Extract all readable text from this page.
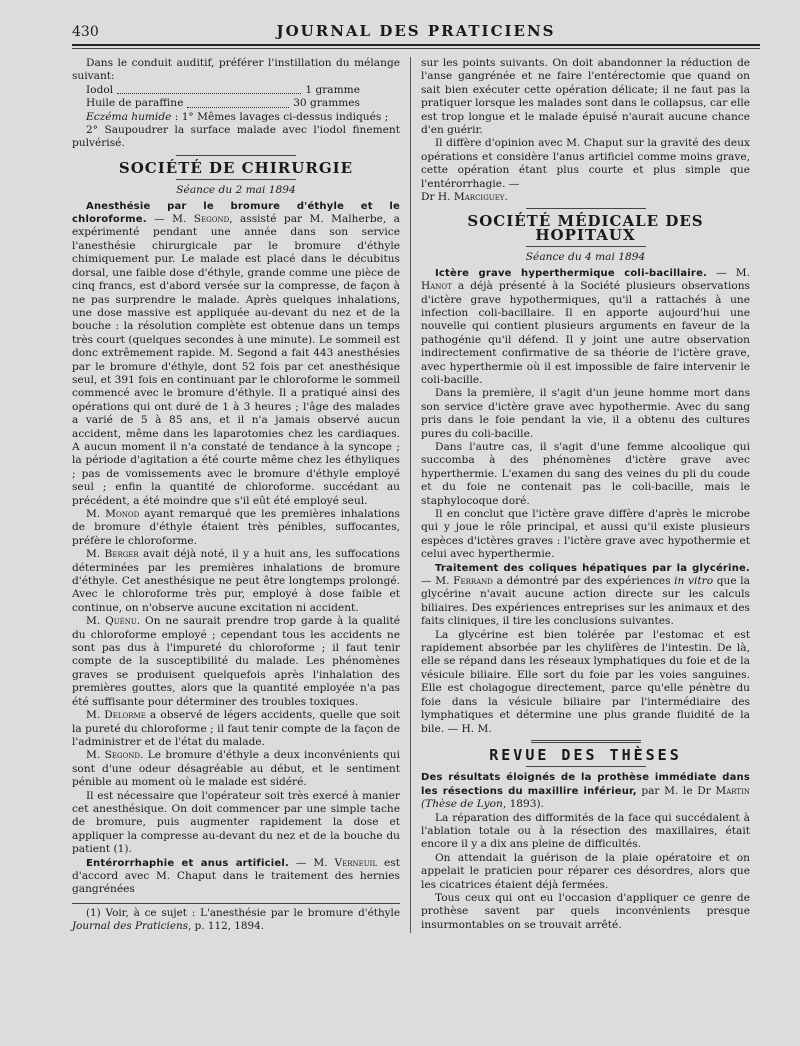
430	JOURNAL DES PRATICIENS

Dans le conduit auditif, préférer l'instillation du mélange suivant:

Iodol	1 gramme
Huile de paraffine	30 grammes

Eczéma humide : 1° Mêmes lavages ci-dessus indiqués ;

2° Saupoudrer la surface malade avec l'iodol finement pulvérisé.

SOCIÉTÉ DE CHIRURGIE
Séance du 2 mai 1894

Anesthésie par le bromure d'éthyle et le chloroforme. — M. Segond, assisté par M. Malherbe, a expérimenté pendant une année dans son service l'anesthésie chirurgicale par le bromure d'éthyle chimiquement pur. Le malade est placé dans le décubitus dorsal, une faible dose d'éthyle, grande comme une pièce de cinq francs, est d'abord versée sur la compresse, de façon à ne pas surprendre le malade. Après quelques inhalations, une dose massive est appliquée au-devant du nez et de la bouche : la résolution complète est obtenue dans un temps très court (quelques secondes à une minute). Le sommeil est donc extrêmement rapide. M. Segond a fait 443 anesthésies par le bromure d'éthyle, dont 52 fois par cet anesthésique seul, et 391 fois en continuant par le chloroforme le sommeil commencé avec le bromure d'éthyle. Il a pratiqué ainsi des opérations qui ont duré de 1 à 3 heures ; l'âge des malades a varié de 5 à 85 ans, et il n'a jamais observé aucun accident, même dans les laparotomies chez les cardiaques. A aucun moment il n'a constaté de tendance à la syncope ; la période d'agitation a été courte même chez les éthyliques ; pas de vomissements avec le bromure d'éthyle employé seul ; enfin la quantité de chloroforme. succédant au précédent, a été moindre que s'il eût été employé seul.

M. Monod ayant remarqué que les premières inhalations de bromure d'éthyle étaient très pénibles, suffocantes, préfère le chloroforme.

M. Berger avait déjà noté, il y a huit ans, les suffocations déterminées par les premières inhalations de bromure d'éthyle. Cet anesthésique ne peut être longtemps prolongé. Avec le chloroforme très pur, employé à dose faible et continue, on n'observe aucune excitation ni accident.

M. Quénu. On ne saurait prendre trop garde à la qualité du chloroforme employé ; cependant tous les accidents ne sont pas dus à l'impureté du chloroforme ; il faut tenir compte de la susceptibilité du malade. Les phénomènes graves se produisent quelquefois après l'inhalation des premières gouttes, alors que la quantité employée n'a pas été suffisante pour déterminer des troubles toxiques.

M. Delorme a observé de légers accidents, quelle que soit la pureté du chloroforme ; il faut tenir compte de la façon de l'administrer et de l'état du malade.

M. Segond. Le bromure d'éthyle a deux inconvénients qui sont d'une odeur désagréable au début, et le sentiment pénible au moment où le malade est sidéré.

Il est nécessaire que l'opérateur soit très exercé à manier cet anesthésique. On doit commencer par une simple tache de bromure, puis augmenter rapidement la dose et appliquer la compresse au-devant du nez et de la bouche du patient (1).

Entérorrhaphie et anus artificiel. — M. Verneuil est d'accord avec M. Chaput dans le traitement des hernies gangrénées

(1) Voir, à ce sujet : L'anesthésie par le bromure d'éthyle Journal des Praticiens, p. 112, 1894.

sur les points suivants. On doit abandonner la réduction de l'anse gangrénée et ne faire l'entérectomie que quand on sait bien exécuter cette opération délicate; il ne faut pas la pratiquer lorsque les malades sont dans le collapsus, car elle est trop longue et le malade épuisé n'aurait aucune chance d'en guérir.

Il diffère d'opinion avec M. Chaput sur la gravité des deux opérations et considère l'anus artificiel comme moins grave, cette opération étant plus courte et plus simple que l'entérorrhagie. —

Dr H. Marciguey.

SOCIÉTÉ MÉDICALE DES HOPITAUX
Séance du 4 mai 1894

Ictère grave hyperthermique coli-bacillaire. — M. Hanot a déjà présenté à la Société plusieurs observations d'ictère grave hypothermiques, qu'il a rattachés à une infection coli-bacillaire. Il en apporte aujourd'hui une nouvelle qui contient plusieurs arguments en faveur de la pathogénie qu'il défend. Il y joint une autre observation indirectement confirmative de sa théorie de l'ictère grave, avec hyperthermie où il est impossible de faire intervenir le coli-bacille.

Dans la première, il s'agit d'un jeune homme mort dans son service d'ictère grave avec hypothermie. Avec du sang pris dans le foie pendant la vie, il a obtenu des cultures pures du coli-bacille.

Dans l'autre cas, il s'agit d'une femme alcoolique qui succomba à des phénomènes d'ictère grave avec hyperthermie. L'examen du sang des veines du pli du coude et du foie ne contenait pas le coli-bacille, mais le staphylocoque doré.

Il en conclut que l'ictère grave diffère d'après le microbe qui y joue le rôle principal, et aussi qu'il existe plusieurs espèces d'ictères graves : l'ictère grave avec hypothermie et celui avec hyperthermie.

Traitement des coliques hépatiques par la glycérine. — M. Ferrand a démontré par des expériences in vitro que la glycérine n'avait aucune action directe sur les calculs biliaires. Des expériences entreprises sur les animaux et des faits cliniques, il tire les conclusions suivantes.

La glycérine est bien tolérée par l'estomac et est rapidement absorbée par les chylifères de l'intestin. De là, elle se répand dans les réseaux lymphatiques du foie et de la vésicule biliaire. Elle sort du foie par les voies sanguines. Elle est cholagogue directement, parce qu'elle pénètre du foie dans la vésicule biliaire par l'intermédiaire des lymphatiques et détermine une plus grande fluidité de la bile. — H. M.

REVUE DES THÈSES

Des résultats éloignés de la prothèse immédiate dans les résections du maxillire inférieur, par M. le Dr Martin (Thèse de Lyon, 1893).

La réparation des difformités de la face qui succédalent à l'ablation totale ou à la résection des maxillaires, était encore il y a dix ans pleine de difficultés.

On attendait la guérison de la plaie opératoire et on appelait le praticien pour réparer ces désordres, alors que les cicatrices étaient déjà fermées.

Tous ceux qui ont eu l'occasion d'appliquer ce genre de prothèse savent par quels inconvénients presque insurmontables on se trouvait arrêté.
